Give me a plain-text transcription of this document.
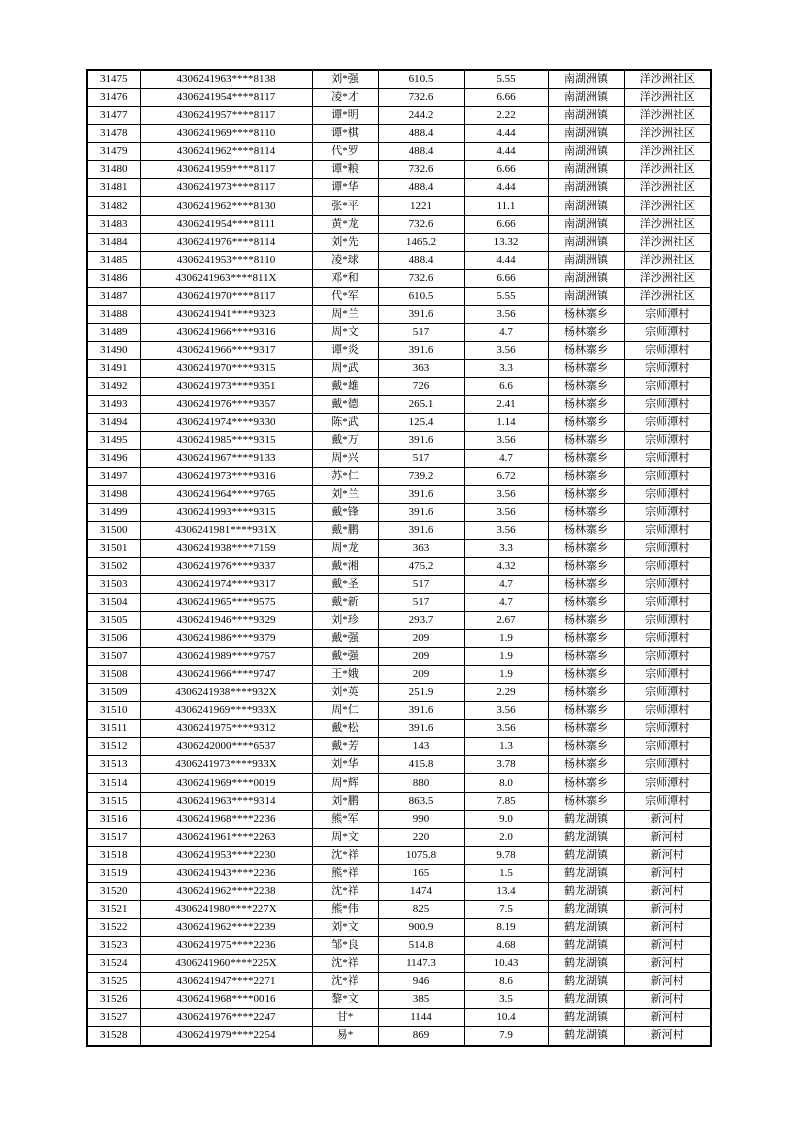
31475	4306241963****8138	刘*强	610.5	5.55	南湖洲镇	洋沙洲社区
31476	4306241954****8117	凌*才	732.6	6.66	南湖洲镇	洋沙洲社区
31477	4306241957****8117	谭*明	244.2	2.22	南湖洲镇	洋沙洲社区
31478	4306241969****8110	谭*棋	488.4	4.44	南湖洲镇	洋沙洲社区
31479	4306241962****8114	代*罗	488.4	4.44	南湖洲镇	洋沙洲社区
31480	4306241959****8117	谭*粮	732.6	6.66	南湖洲镇	洋沙洲社区
31481	4306241973****8117	谭*华	488.4	4.44	南湖洲镇	洋沙洲社区
31482	4306241962****8130	张*平	1221	11.1	南湖洲镇	洋沙洲社区
31483	4306241954****8111	黄*龙	732.6	6.66	南湖洲镇	洋沙洲社区
31484	4306241976****8114	刘*先	1465.2	13.32	南湖洲镇	洋沙洲社区
31485	4306241953****8110	凌*球	488.4	4.44	南湖洲镇	洋沙洲社区
31486	4306241963****811X	邓*和	732.6	6.66	南湖洲镇	洋沙洲社区
31487	4306241970****8117	代*军	610.5	5.55	南湖洲镇	洋沙洲社区
31488	4306241941****9323	周*兰	391.6	3.56	杨林寨乡	宗师潭村
31489	4306241966****9316	周*文	517	4.7	杨林寨乡	宗师潭村
31490	4306241966****9317	谭*炎	391.6	3.56	杨林寨乡	宗师潭村
31491	4306241970****9315	周*武	363	3.3	杨林寨乡	宗师潭村
31492	4306241973****9351	戴*雄	726	6.6	杨林寨乡	宗师潭村
31493	4306241976****9357	戴*德	265.1	2.41	杨林寨乡	宗师潭村
31494	4306241974****9330	陈*武	125.4	1.14	杨林寨乡	宗师潭村
31495	4306241985****9315	戴*万	391.6	3.56	杨林寨乡	宗师潭村
31496	4306241967****9133	周*兴	517	4.7	杨林寨乡	宗师潭村
31497	4306241973****9316	苏*仁	739.2	6.72	杨林寨乡	宗师潭村
31498	4306241964****9765	刘*兰	391.6	3.56	杨林寨乡	宗师潭村
31499	4306241993****9315	戴*锋	391.6	3.56	杨林寨乡	宗师潭村
31500	4306241981****931X	戴*鹏	391.6	3.56	杨林寨乡	宗师潭村
31501	4306241938****7159	周*龙	363	3.3	杨林寨乡	宗师潭村
31502	4306241976****9337	戴*湘	475.2	4.32	杨林寨乡	宗师潭村
31503	4306241974****9317	戴*圣	517	4.7	杨林寨乡	宗师潭村
31504	4306241965****9575	戴*新	517	4.7	杨林寨乡	宗师潭村
31505	4306241946****9329	刘*珍	293.7	2.67	杨林寨乡	宗师潭村
31506	4306241986****9379	戴*强	209	1.9	杨林寨乡	宗师潭村
31507	4306241989****9757	戴*强	209	1.9	杨林寨乡	宗师潭村
31508	4306241966****9747	王*娥	209	1.9	杨林寨乡	宗师潭村
31509	4306241938****932X	刘*英	251.9	2.29	杨林寨乡	宗师潭村
31510	4306241969****933X	周*仁	391.6	3.56	杨林寨乡	宗师潭村
31511	4306241975****9312	戴*松	391.6	3.56	杨林寨乡	宗师潭村
31512	4306242000****6537	戴*芳	143	1.3	杨林寨乡	宗师潭村
31513	4306241973****933X	刘*华	415.8	3.78	杨林寨乡	宗师潭村
31514	4306241969****0019	周*辉	880	8.0	杨林寨乡	宗师潭村
31515	4306241963****9314	刘*鹏	863.5	7.85	杨林寨乡	宗师潭村
31516	4306241968****2236	熊*军	990	9.0	鹤龙湖镇	新河村
31517	4306241961****2263	周*文	220	2.0	鹤龙湖镇	新河村
31518	4306241953****2230	沈*祥	1075.8	9.78	鹤龙湖镇	新河村
31519	4306241943****2236	熊*祥	165	1.5	鹤龙湖镇	新河村
31520	4306241962****2238	沈*祥	1474	13.4	鹤龙湖镇	新河村
31521	4306241980****227X	熊*伟	825	7.5	鹤龙湖镇	新河村
31522	4306241962****2239	刘*文	900.9	8.19	鹤龙湖镇	新河村
31523	4306241975****2236	邹*良	514.8	4.68	鹤龙湖镇	新河村
31524	4306241960****225X	沈*祥	1147.3	10.43	鹤龙湖镇	新河村
31525	4306241947****2271	沈*祥	946	8.6	鹤龙湖镇	新河村
31526	4306241968****0016	黎*文	385	3.5	鹤龙湖镇	新河村
31527	4306241976****2247	甘*	1144	10.4	鹤龙湖镇	新河村
31528	4306241979****2254	易*	869	7.9	鹤龙湖镇	新河村
